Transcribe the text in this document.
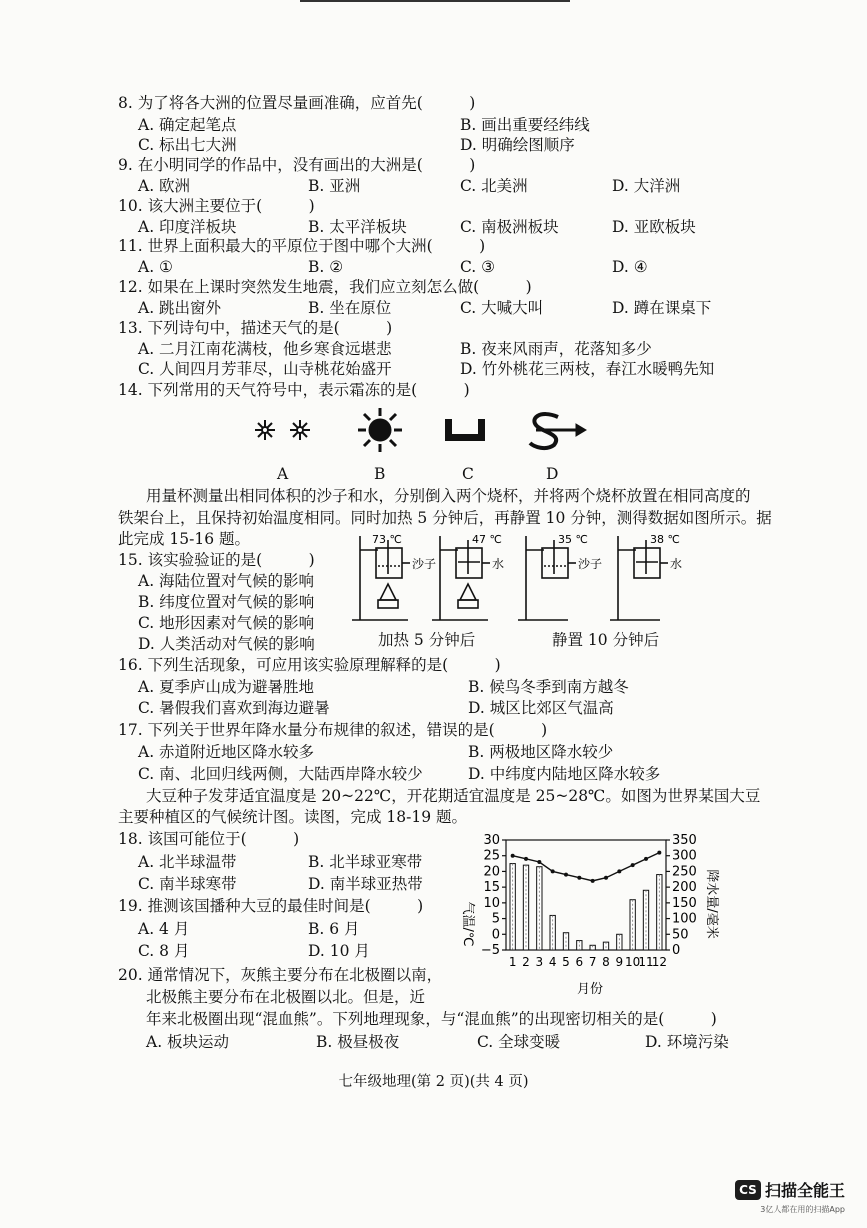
8. 为了将各大洲的位置尽量画准确，应首先(　　　)
A. 确定起笔点	B. 画出重要经纬线
C. 标出七大洲	D. 明确绘图顺序
9. 在小明同学的作品中，没有画出的大洲是(　　　)
A. 欧洲	B. 亚洲	C. 北美洲	D. 大洋洲
10. 该大洲主要位于(　　　)
A. 印度洋板块	B. 太平洋板块	C. 南极洲板块	D. 亚欧板块
11. 世界上面积最大的平原位于图中哪个大洲(　　　)
A. ①	B. ②	C. ③	D. ④
12. 如果在上课时突然发生地震，我们应立刻怎么做(　　　)
A. 跳出窗外	B. 坐在原位	C. 大喊大叫	D. 蹲在课桌下
13. 下列诗句中，描述天气的是(　　　)
A. 二月江南花满枝，他乡寒食远堪悲	B. 夜来风雨声，花落知多少
C. 人间四月芳菲尽，山寺桃花始盛开	D. 竹外桃花三两枝，春江水暖鸭先知
14. 下列常用的天气符号中，表示霜冻的是(　　　)
A	B	C	D
用量杯测量出相同体积的沙子和水，分别倒入两个烧杯，并将两个烧杯放置在相同高度的
铁架台上，且保持初始温度相同。同时加热 5 分钟后，再静置 10 分钟，测得数据如图所示。据
此完成 15-16 题。
15. 该实验验证的是(　　　)
A. 海陆位置对气候的影响
B. 纬度位置对气候的影响
C. 地形因素对气候的影响
D. 人类活动对气候的影响
73 ℃	47 ℃	35 ℃	38 ℃
沙子	水	沙子	水
加热 5 分钟后	静置 10 分钟后
16. 下列生活现象，可应用该实验原理解释的是(　　　)
A. 夏季庐山成为避暑胜地	B. 候鸟冬季到南方越冬
C. 暑假我们喜欢到海边避暑	D. 城区比郊区气温高
17. 下列关于世界年降水量分布规律的叙述，错误的是(　　　)
A. 赤道附近地区降水较多	B. 两极地区降水较少
C. 南、北回归线两侧，大陆西岸降水较少	D. 中纬度内陆地区降水较多
大豆种子发芽适宜温度是 20~22℃，开花期适宜温度是 25~28℃。如图为世界某国大豆
主要种植区的气候统计图。读图，完成 18-19 题。
18. 该国可能位于(　　　)
A. 北半球温带	B. 北半球亚寒带
C. 南半球寒带	D. 南半球亚热带
19. 推测该国播种大豆的最佳时间是(　　　)
A. 4 月	B. 6 月
C. 8 月	D. 10 月
30
25
20
15
10
5
0
−5
350
300
250
200
150
100
50
0
1 2 3 4 5 6 7 8 9 10
11
12
气温/℃	降水量/毫米
月份
20. 通常情况下，灰熊主要分布在北极圈以南，
北极熊主要分布在北极圈以北。但是，近
年来北极圈出现“混血熊”。下列地理现象，与“混血熊”的出现密切相关的是(　　　)
A. 板块运动	B. 极昼极夜	C. 全球变暖	D. 环境污染
七年级地理(第 2 页)(共 4 页)
CS 扫描全能王
3亿人都在用的扫描App
